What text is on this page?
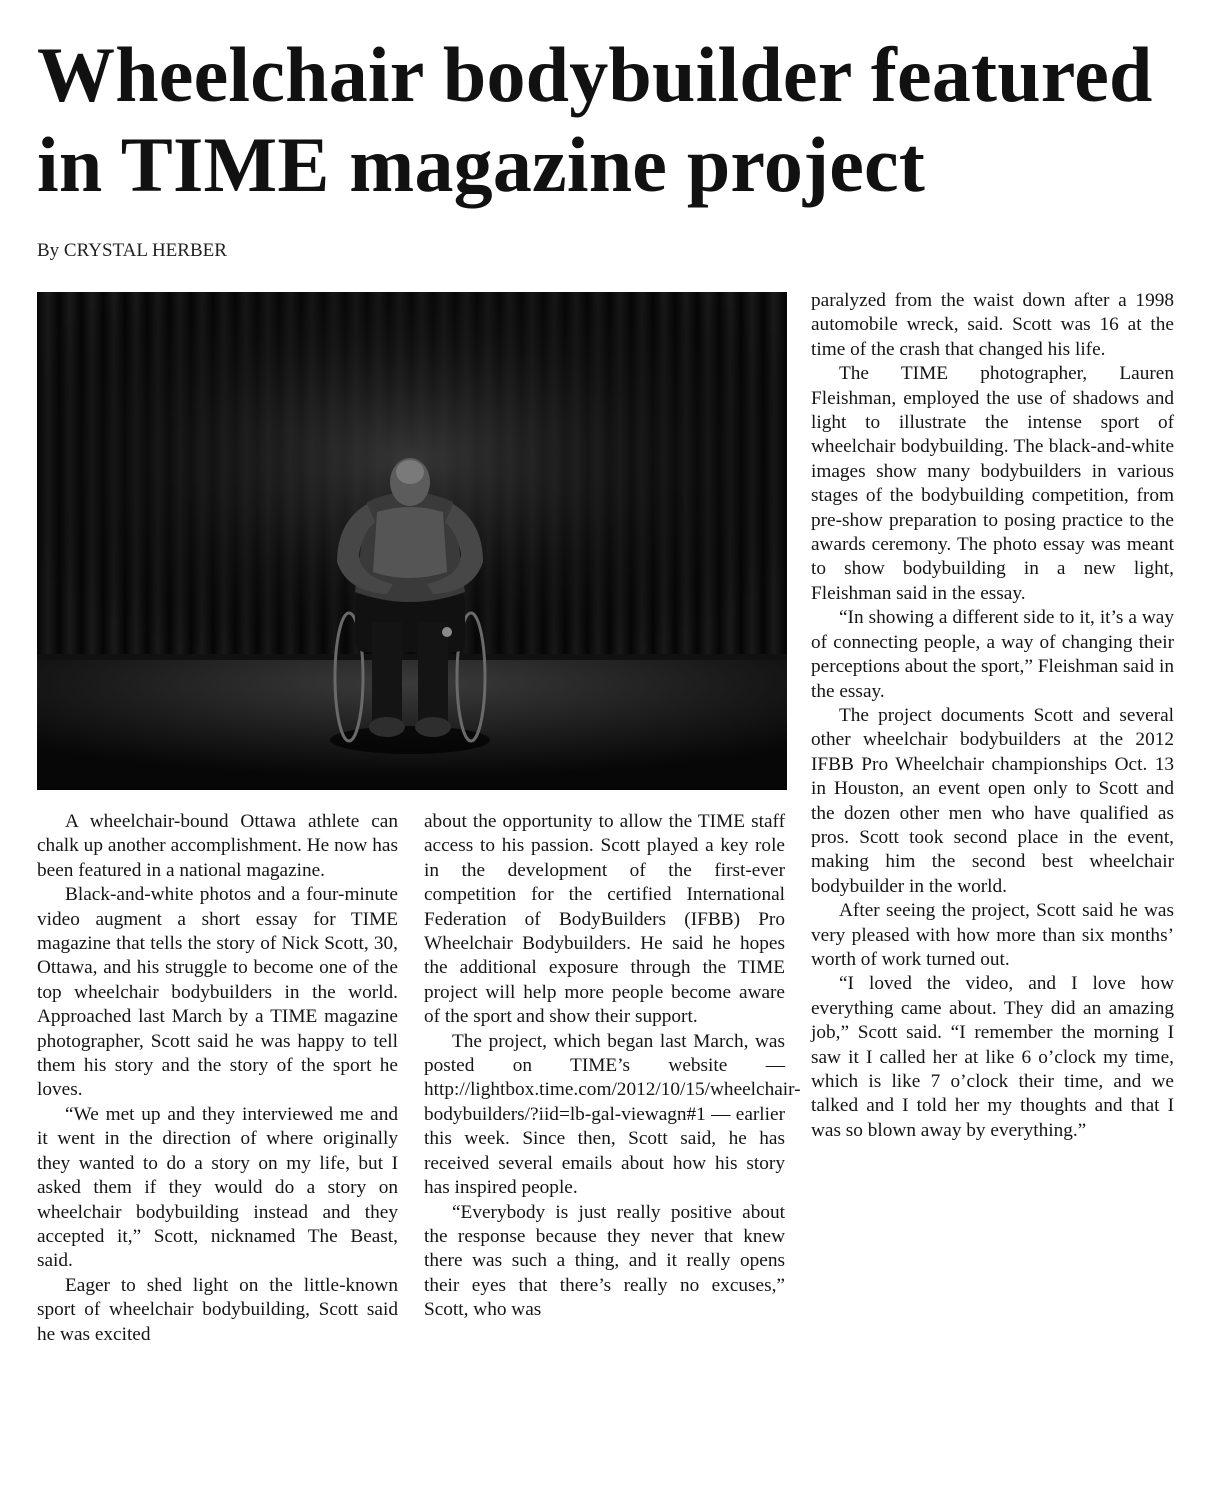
Wheelchair bodybuilder featured in TIME magazine project
By CRYSTAL HERBER

A wheelchair-bound Ottawa athlete can chalk up another accomplishment. He now has been featured in a national magazine.

Black-and-white photos and a four-minute video augment a short essay for TIME magazine that tells the story of Nick Scott, 30, Ottawa, and his struggle to become one of the top wheelchair bodybuilders in the world. Approached last March by a TIME magazine photographer, Scott said he was happy to tell them his story and the story of the sport he loves.

“We met up and they interviewed me and it went in the direction of where originally they wanted to do a story on my life, but I asked them if they would do a story on wheelchair bodybuilding instead and they accepted it,” Scott, nicknamed The Beast, said.

Eager to shed light on the little-known sport of wheelchair bodybuilding, Scott said he was excited

about the opportunity to allow the TIME staff access to his passion. Scott played a key role in the development of the first-ever competition for the certified International Federation of BodyBuilders (IFBB) Pro Wheelchair Bodybuilders. He said he hopes the additional exposure through the TIME project will help more people become aware of the sport and show their support.

The project, which began last March, was posted on TIME’s website — http://lightbox.time.com/2012/10/15/wheelchair-bodybuilders/?iid=lb-gal-viewagn#1 — earlier this week. Since then, Scott said, he has received several emails about how his story has inspired people.

“Everybody is just really positive about the response because they never that knew there was such a thing, and it really opens their eyes that there’s really no excuses,” Scott, who was

paralyzed from the waist down after a 1998 automobile wreck, said. Scott was 16 at the time of the crash that changed his life.

The TIME photographer, Lauren Fleishman, employed the use of shadows and light to illustrate the intense sport of wheelchair bodybuilding. The black-and-white images show many bodybuilders in various stages of the bodybuilding competition, from pre-show preparation to posing practice to the awards ceremony. The photo essay was meant to show bodybuilding in a new light, Fleishman said in the essay.

“In showing a different side to it, it’s a way of connecting people, a way of changing their perceptions about the sport,” Fleishman said in the essay.

The project documents Scott and several other wheelchair bodybuilders at the 2012 IFBB Pro Wheelchair championships Oct. 13 in Houston, an event open only to Scott and the dozen other men who have qualified as pros. Scott took second place in the event, making him the second best wheelchair bodybuilder in the world.

After seeing the project, Scott said he was very pleased with how more than six months’ worth of work turned out.

“I loved the video, and I love how everything came about. They did an amazing job,” Scott said. “I remember the morning I saw it I called her at like 6 o’clock my time, which is like 7 o’clock their time, and we talked and I told her my thoughts and that I was so blown away by everything.”
